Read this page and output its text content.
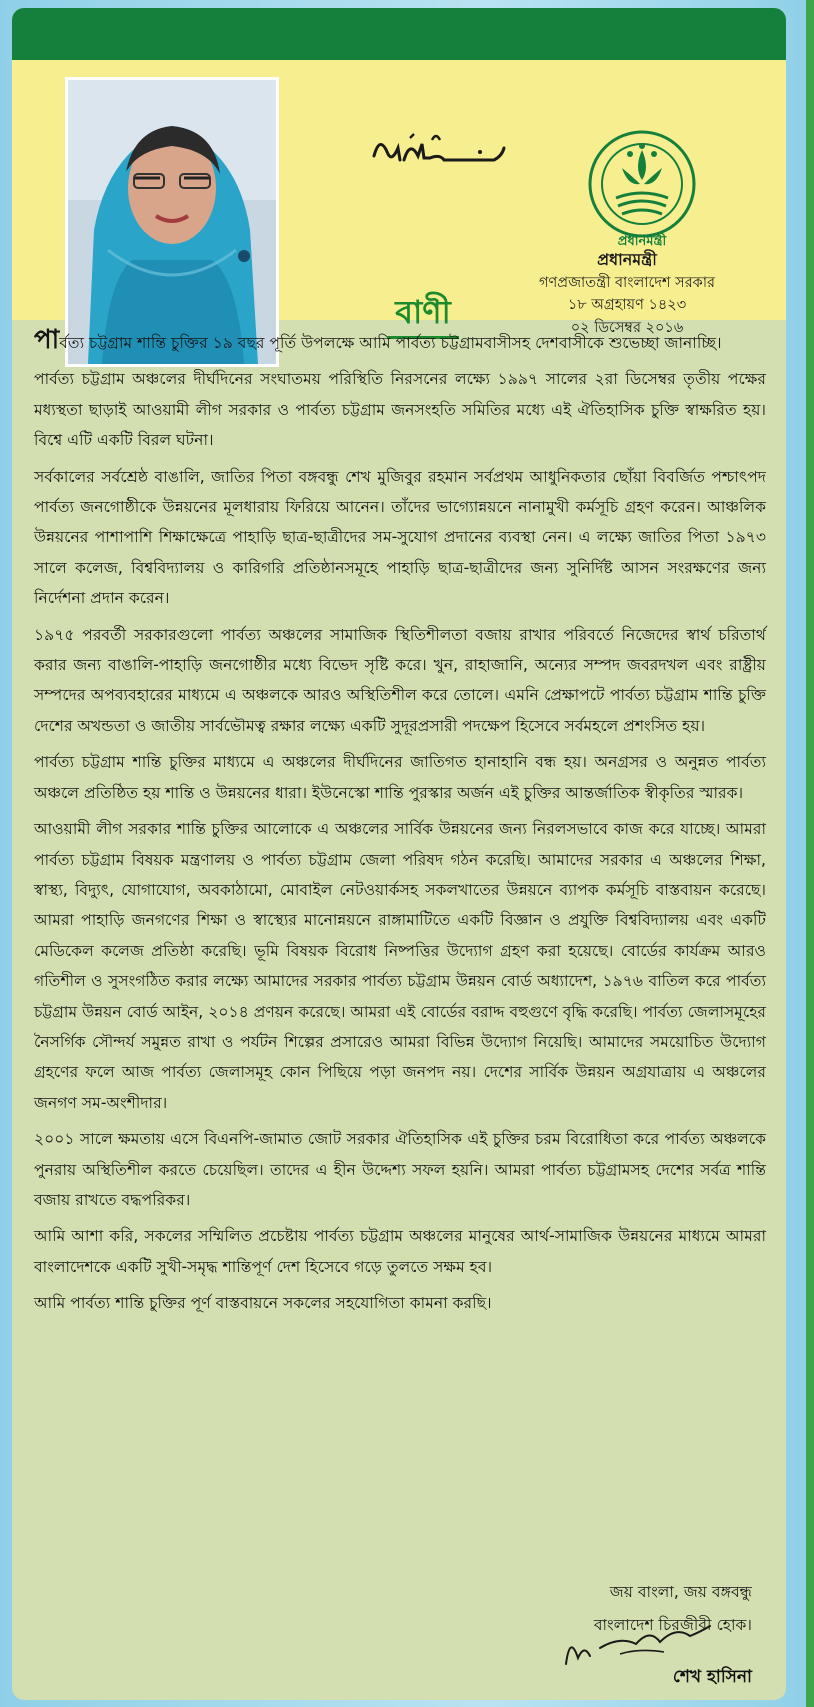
বাণী
প্রধানমন্ত্রী
প্রধানমন্ত্রী
গণপ্রজাতন্ত্রী বাংলাদেশ সরকার
১৮ অগ্রহায়ণ ১৪২৩
০২ ডিসেম্বর ২০১৬

পার্বত্য চট্টগ্রাম শান্তি চুক্তির ১৯ বছর পূর্তি উপলক্ষে আমি পার্বত্য চট্টগ্রামবাসীসহ দেশবাসীকে শুভেচ্ছা জানাচ্ছি।

পার্বত্য চট্টগ্রাম অঞ্চলের দীর্ঘদিনের সংঘাতময় পরিস্থিতি নিরসনের লক্ষ্যে ১৯৯৭ সালের ২রা ডিসেম্বর তৃতীয় পক্ষের মধ্যস্থতা ছাড়াই আওয়ামী লীগ সরকার ও পার্বত্য চট্টগ্রাম জনসংহতি সমিতির মধ্যে এই ঐতিহাসিক চুক্তি স্বাক্ষরিত হয়। বিশ্বে এটি একটি বিরল ঘটনা।

সর্বকালের সর্বশ্রেষ্ঠ বাঙালি, জাতির পিতা বঙ্গবন্ধু শেখ মুজিবুর রহমান সর্বপ্রথম আধুনিকতার ছোঁয়া বিবর্জিত পশ্চাৎপদ পার্বত্য জনগোষ্ঠীকে উন্নয়নের মূলধারায় ফিরিয়ে আনেন। তাঁদের ভাগ্যোন্নয়নে নানামুখী কর্মসূচি গ্রহণ করেন। আঞ্চলিক উন্নয়নের পাশাপাশি শিক্ষাক্ষেত্রে পাহাড়ি ছাত্র-ছাত্রীদের সম-সুযোগ প্রদানের ব্যবস্থা নেন। এ লক্ষ্যে জাতির পিতা ১৯৭৩ সালে কলেজ, বিশ্ববিদ্যালয় ও কারিগরি প্রতিষ্ঠানসমূহে পাহাড়ি ছাত্র-ছাত্রীদের জন্য সুনির্দিষ্ট আসন সংরক্ষণের জন্য নির্দেশনা প্রদান করেন।

১৯৭৫ পরবর্তী সরকারগুলো পার্বত্য অঞ্চলের সামাজিক স্থিতিশীলতা বজায় রাখার পরিবর্তে নিজেদের স্বার্থ চরিতার্থ করার জন্য বাঙালি-পাহাড়ি জনগোষ্ঠীর মধ্যে বিভেদ সৃষ্টি করে। খুন, রাহাজানি, অন্যের সম্পদ জবরদখল এবং রাষ্ট্রীয় সম্পদের অপব্যবহারের মাধ্যমে এ অঞ্চলকে আরও অস্থিতিশীল করে তোলে। এমনি প্রেক্ষাপটে পার্বত্য চট্টগ্রাম শান্তি চুক্তি দেশের অখন্ডতা ও জাতীয় সার্বভৌমত্ব রক্ষার লক্ষ্যে একটি সুদূরপ্রসারী পদক্ষেপ হিসেবে সর্বমহলে প্রশংসিত হয়।

পার্বত্য চট্টগ্রাম শান্তি চুক্তির মাধ্যমে এ অঞ্চলের দীর্ঘদিনের জাতিগত হানাহানি বন্ধ হয়। অনগ্রসর ও অনুন্নত পার্বত্য অঞ্চলে প্রতিষ্ঠিত হয় শান্তি ও উন্নয়নের ধারা। ইউনেস্কো শান্তি পুরস্কার অর্জন এই চুক্তির আন্তর্জাতিক স্বীকৃতির স্মারক।

আওয়ামী লীগ সরকার শান্তি চুক্তির আলোকে এ অঞ্চলের সার্বিক উন্নয়নের জন্য নিরলসভাবে কাজ করে যাচ্ছে। আমরা পার্বত্য চট্টগ্রাম বিষয়ক মন্ত্রণালয় ও পার্বত্য চট্টগ্রাম জেলা পরিষদ গঠন করেছি। আমাদের সরকার এ অঞ্চলের শিক্ষা, স্বাস্থ্য, বিদ্যুৎ, যোগাযোগ, অবকাঠামো, মোবাইল নেটওয়ার্কসহ সকলখাতের উন্নয়নে ব্যাপক কর্মসূচি বাস্তবায়ন করেছে। আমরা পাহাড়ি জনগণের শিক্ষা ও স্বাস্থ্যের মানোন্নয়নে রাঙ্গামাটিতে একটি বিজ্ঞান ও প্রযুক্তি বিশ্ববিদ্যালয় এবং একটি মেডিকেল কলেজ প্রতিষ্ঠা করেছি। ভূমি বিষয়ক বিরোধ নিষ্পত্তির উদ্যোগ গ্রহণ করা হয়েছে। বোর্ডের কার্যক্রম আরও গতিশীল ও সুসংগঠিত করার লক্ষ্যে আমাদের সরকার পার্বত্য চট্টগ্রাম উন্নয়ন বোর্ড অধ্যাদেশ, ১৯৭৬ বাতিল করে পার্বত্য চট্টগ্রাম উন্নয়ন বোর্ড আইন, ২০১৪ প্রণয়ন করেছে। আমরা এই বোর্ডের বরাদ্দ বহুগুণে বৃদ্ধি করেছি। পার্বত্য জেলাসমূহের নৈসর্গিক সৌন্দর্য সমুন্নত রাখা ও পর্যটন শিল্পের প্রসারেও আমরা বিভিন্ন উদ্যোগ নিয়েছি। আমাদের সময়োচিত উদ্যোগ গ্রহণের ফলে আজ পার্বত্য জেলাসমূহ কোন পিছিয়ে পড়া জনপদ নয়। দেশের সার্বিক উন্নয়ন অগ্রযাত্রায় এ অঞ্চলের জনগণ সম-অংশীদার।

২০০১ সালে ক্ষমতায় এসে বিএনপি-জামাত জোট সরকার ঐতিহাসিক এই চুক্তির চরম বিরোধিতা করে পার্বত্য অঞ্চলকে পুনরায় অস্থিতিশীল করতে চেয়েছিল। তাদের এ হীন উদ্দেশ্য সফল হয়নি। আমরা পার্বত্য চট্টগ্রামসহ দেশের সর্বত্র শান্তি বজায় রাখতে বদ্ধপরিকর।

আমি আশা করি, সকলের সম্মিলিত প্রচেষ্টায় পার্বত্য চট্টগ্রাম অঞ্চলের মানুষের আর্থ-সামাজিক উন্নয়নের মাধ্যমে আমরা বাংলাদেশকে একটি সুখী-সমৃদ্ধ শান্তিপূর্ণ দেশ হিসেবে গড়ে তুলতে সক্ষম হব।

আমি পার্বত্য শান্তি চুক্তির পূর্ণ বাস্তবায়নে সকলের সহযোগিতা কামনা করছি।

জয় বাংলা, জয় বঙ্গবন্ধু
বাংলাদেশ চিরজীবী হোক।
শেখ হাসিনা
